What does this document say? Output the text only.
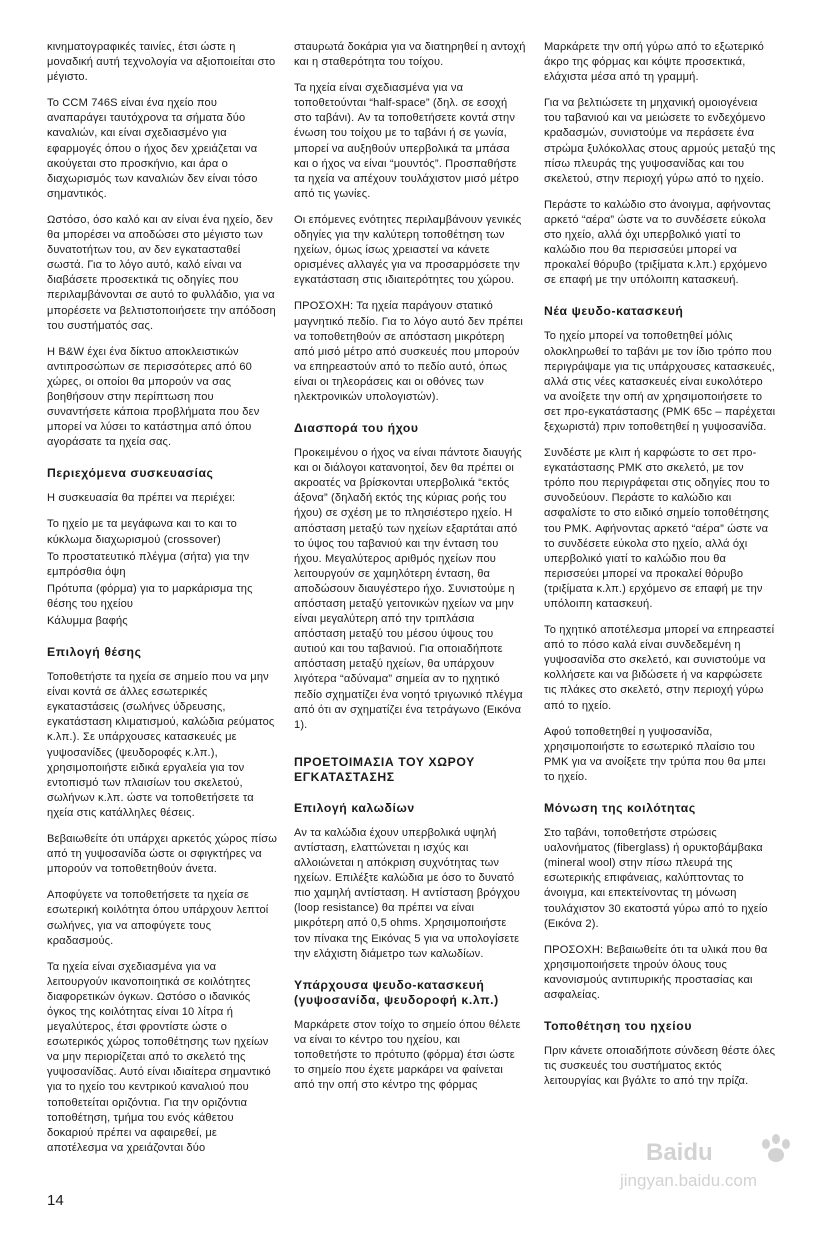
κινηματογραφικές ταινίες, έτσι ώστε η μοναδική αυτή τεχνολογία να αξιοποιείται στο μέγιστο.

Το CCM 746S είναι ένα ηχείο που αναπαράγει ταυτόχρονα τα σήματα δύο καναλιών, και είναι σχεδιασμένο για εφαρμογές όπου ο ήχος δεν χρειάζεται να ακούγεται στο προσκήνιο, και άρα ο διαχωρισμός των καναλιών δεν είναι τόσο σημαντικός.

Ωστόσο, όσο καλό και αν είναι ένα ηχείο, δεν θα μπορέσει να αποδώσει στο μέγιστο των δυνατοτήτων του, αν δεν εγκατασταθεί σωστά. Για το λόγο αυτό, καλό είναι να διαβάσετε προσεκτικά τις οδηγίες που περιλαμβάνονται σε αυτό το φυλλάδιο, για να μπορέσετε να βελτιστοποιήσετε την απόδοση του συστήματός σας.

Η B&W έχει ένα δίκτυο αποκλειστικών αντιπροσώπων σε περισσότερες από 60 χώρες, οι οποίοι θα μπορούν να σας βοηθήσουν στην περίπτωση που συναντήσετε κάποια προβλήματα που δεν μπορεί να λύσει το κατάστημα από όπου αγοράσατε τα ηχεία σας.

Περιεχόμενα συσκευασίας

Η συσκευασία θα πρέπει να περιέχει:

Το ηχείο με τα μεγάφωνα και το και το κύκλωμα διαχωρισμού (crossover)

Το προστατευτικό πλέγμα (σήτα) για την εμπρόσθια όψη

Πρότυπα (φόρμα) για το μαρκάρισμα της θέσης του ηχείου

Κάλυμμα βαφής

Επιλογή θέσης

Τοποθετήστε τα ηχεία σε σημείο που να μην είναι κοντά σε άλλες εσωτερικές εγκαταστάσεις (σωλήνες ύδρευσης, εγκατάσταση κλιματισμού, καλώδια ρεύματος κ.λπ.). Σε υπάρχουσες κατασκευές με γυψοσανίδες (ψευδοροφές κ.λπ.), χρησιμοποιήστε ειδικά εργαλεία για τον εντοπισμό των πλαισίων του σκελετού, σωλήνων κ.λπ. ώστε να τοποθετήσετε τα ηχεία στις κατάλληλες θέσεις.

Βεβαιωθείτε ότι υπάρχει αρκετός χώρος πίσω από τη γυψοσανίδα ώστε οι σφιγκτήρες να μπορούν να τοποθετηθούν άνετα.

Αποφύγετε να τοποθετήσετε τα ηχεία σε εσωτερική κοιλότητα όπου υπάρχουν λεπτοί σωλήνες, για να αποφύγετε τους κραδασμούς.

Τα ηχεία είναι σχεδιασμένα για να λειτουργούν ικανοποιητικά σε κοιλότητες διαφορετικών όγκων. Ωστόσο ο ιδανικός όγκος της κοιλότητας είναι 10 λίτρα ή μεγαλύτερος, έτσι φροντίστε ώστε ο εσωτερικός χώρος τοποθέτησης των ηχείων να μην περιορίζεται από το σκελετό της γυψοσανίδας. Αυτό είναι ιδιαίτερα σημαντικό για το ηχείο του κεντρικού καναλιού που τοποθετείται οριζόντια. Για την οριζόντια τοποθέτηση, τμήμα του ενός κάθετου δοκαριού πρέπει να αφαιρεθεί, με αποτέλεσμα να χρειάζονται δύο

σταυρωτά δοκάρια για να διατηρηθεί η αντοχή και η σταθερότητα του τοίχου.

Τα ηχεία είναι σχεδιασμένα για να τοποθετούνται “half-space” (δηλ. σε εσοχή στο ταβάνι). Αν τα τοποθετήσετε κοντά στην ένωση του τοίχου με το ταβάνι ή σε γωνία, μπορεί να αυξηθούν υπερβολικά τα μπάσα και ο ήχος να είναι “μουντός”. Προσπαθήστε τα ηχεία να απέχουν τουλάχιστον μισό μέτρο από τις γωνίες.

Οι επόμενες ενότητες περιλαμβάνουν γενικές οδηγίες για την καλύτερη τοποθέτηση των ηχείων, όμως ίσως χρειαστεί να κάνετε ορισμένες αλλαγές για να προσαρμόσετε την εγκατάσταση στις ιδιαιτερότητες του χώρου.

ΠΡΟΣΟΧΗ: Τα ηχεία παράγουν στατικό μαγνητικό πεδίο. Για το λόγο αυτό δεν πρέπει να τοποθετηθούν σε απόσταση μικρότερη από μισό μέτρο από συσκευές που μπορούν να επηρεαστούν από το πεδίο αυτό, όπως είναι οι τηλεοράσεις και οι οθόνες των ηλεκτρονικών υπολογιστών).

Διασπορά του ήχου

Προκειμένου ο ήχος να είναι πάντοτε διαυγής και οι διάλογοι κατανοητοί, δεν θα πρέπει οι ακροατές να βρίσκονται υπερβολικά “εκτός άξονα” (δηλαδή εκτός της κύριας ροής του ήχου) σε σχέση με το πλησιέστερο ηχείο. Η απόσταση μεταξύ των ηχείων εξαρτάται από το ύψος του ταβανιού και την ένταση του ήχου. Μεγαλύτερος αριθμός ηχείων που λειτουργούν σε χαμηλότερη ένταση, θα αποδώσουν διαυγέστερο ήχο. Συνιστούμε η απόσταση μεταξύ γειτονικών ηχείων να μην είναι μεγαλύτερη από την τριπλάσια απόσταση μεταξύ του μέσου ύψους του αυτιού και του ταβανιού. Για οποιαδήποτε απόσταση μεταξύ ηχείων, θα υπάρχουν λιγότερα “αδύναμα” σημεία αν το ηχητικό πεδίο σχηματίζει ένα νοητό τριγωνικό πλέγμα από ότι αν σχηματίζει ένα τετράγωνο (Εικόνα 1).

ΠΡΟΕΤΟΙΜΑΣΙΑ ΤΟΥ ΧΩΡΟΥ ΕΓΚΑΤΑΣΤΑΣΗΣ
Επιλογή καλωδίων

Αν τα καλώδια έχουν υπερβολικά υψηλή αντίσταση, ελαττώνεται η ισχύς και αλλοιώνεται η απόκριση συχνότητας των ηχείων. Επιλέξτε καλώδια με όσο το δυνατό πιο χαμηλή αντίσταση. Η αντίσταση βρόγχου (loop resistance) θα πρέπει να είναι μικρότερη από 0,5 ohms. Χρησιμοποιήστε τον πίνακα της Εικόνας 5 για να υπολογίσετε την ελάχιστη διάμετρο των καλωδίων.

Υπάρχουσα ψευδο-κατασκευή (γυψοσανίδα, ψευδοροφή κ.λπ.)

Μαρκάρετε στον τοίχο το σημείο όπου θέλετε να είναι το κέντρο του ηχείου, και τοποθετήστε το πρότυπο (φόρμα) έτσι ώστε το σημείο που έχετε μαρκάρει να φαίνεται από την οπή στο κέντρο της φόρμας

Μαρκάρετε την οπή γύρω από το εξωτερικό άκρο της φόρμας και κόψτε προσεκτικά, ελάχιστα μέσα από τη γραμμή.

Για να βελτιώσετε τη μηχανική ομοιογένεια του ταβανιού και να μειώσετε το ενδεχόμενο κραδασμών, συνιστούμε να περάσετε ένα στρώμα ξυλόκολλας στους αρμούς μεταξύ της πίσω πλευράς της γυψοσανίδας και του σκελετού, στην περιοχή γύρω από το ηχείο.

Περάστε το καλώδιο στο άνοιγμα, αφήνοντας αρκετό “αέρα” ώστε να το συνδέσετε εύκολα στο ηχείο, αλλά όχι υπερβολικό γιατί το καλώδιο που θα περισσεύει μπορεί να προκαλεί θόρυβο (τριξίματα κ.λπ.) ερχόμενο σε επαφή με την υπόλοιπη κατασκευή.

Νέα ψευδο-κατασκευή

Το ηχείο μπορεί να τοποθετηθεί μόλις ολοκληρωθεί το ταβάνι με τον ίδιο τρόπο που περιγράψαμε για τις υπάρχουσες κατασκευές, αλλά στις νέες κατασκευές είναι ευκολότερο να ανοίξετε την οπή αν χρησιμοποιήσετε το σετ προ-εγκατάστασης (PMK 65c – παρέχεται ξεχωριστά) πριν τοποθετηθεί η γυψοσανίδα.

Συνδέστε με κλιπ ή καρφώστε το σετ προ-εγκατάστασης PMK στο σκελετό, με τον τρόπο που περιγράφεται στις οδηγίες που το συνοδεύουν. Περάστε το καλώδιο και ασφαλίστε το στο ειδικό σημείο τοποθέτησης του PMK. Αφήνοντας αρκετό “αέρα” ώστε να το συνδέσετε εύκολα στο ηχείο, αλλά όχι υπερβολικό γιατί το καλώδιο που θα περισσεύει μπορεί να προκαλεί θόρυβο (τριξίματα κ.λπ.) ερχόμενο σε επαφή με την υπόλοιπη κατασκευή.

Το ηχητικό αποτέλεσμα μπορεί να επηρεαστεί από το πόσο καλά είναι συνδεδεμένη η γυψοσανίδα στο σκελετό, και συνιστούμε να κολλήσετε και να βιδώσετε ή να καρφώσετε τις πλάκες στο σκελετό, στην περιοχή γύρω από το ηχείο.

Αφού τοποθετηθεί η γυψοσανίδα, χρησιμοποιήστε το εσωτερικό πλαίσιο του PMK για να ανοίξετε την τρύπα που θα μπει το ηχείο.

Μόνωση της κοιλότητας

Στο ταβάνι, τοποθετήστε στρώσεις υαλονήματος (fiberglass) ή ορυκτοβάμβακα (mineral wool) στην πίσω πλευρά της εσωτερικής επιφάνειας, καλύπτοντας το άνοιγμα, και επεκτείνοντας τη μόνωση τουλάχιστον 30 εκατοστά γύρω από το ηχείο (Εικόνα 2).

ΠΡΟΣΟΧΗ: Βεβαιωθείτε ότι τα υλικά που θα χρησιμοποιήσετε τηρούν όλους τους κανονισμούς αντιπυρικής προστασίας και ασφαλείας.

Τοποθέτηση του ηχείου

Πριν κάνετε οποιαδήποτε σύνδεση θέστε όλες τις συσκευές του συστήματος εκτός λειτουργίας και βγάλτε το από την πρίζα.

14
Baidu
jingyan.baidu.com
